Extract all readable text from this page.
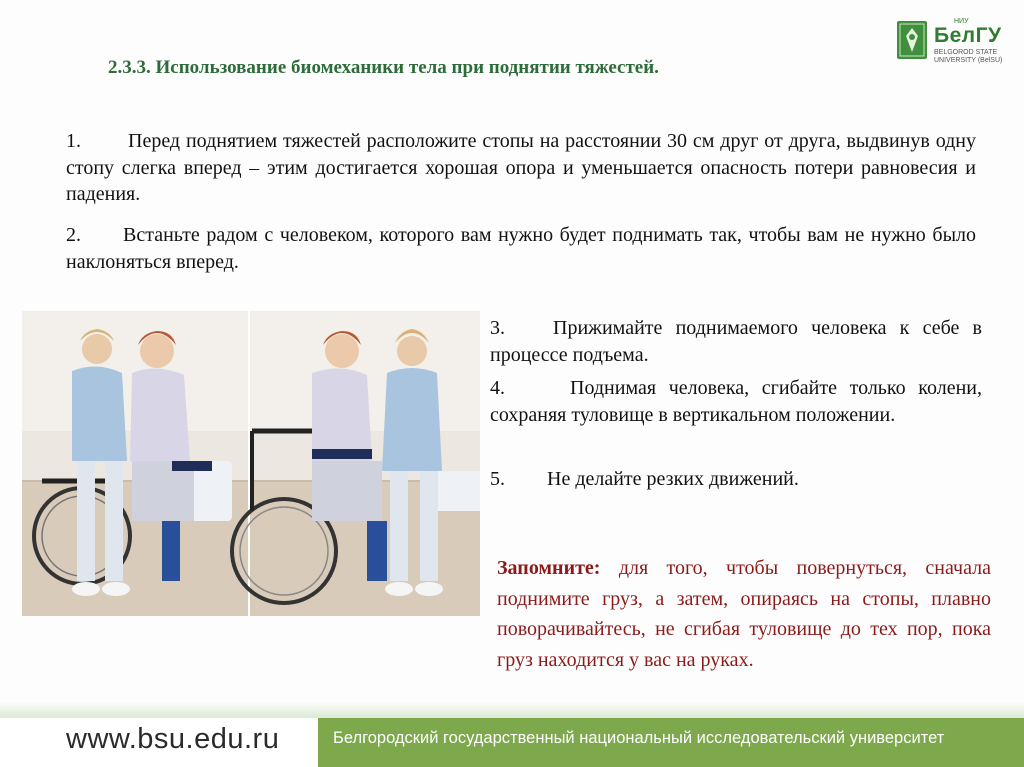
НИУ
БелГУ
BELGOROD STATE
UNIVERSITY (BelSU)
2.3.3. Использование биомеханики тела при поднятии тяжестей.
1. Перед поднятием тяжестей расположите стопы на расстоянии 30 см друг от друга, выдвинув одну стопу слегка вперед – этим достигается хорошая опора и уменьшается опасность потери равновесия и падения.
2. Встаньте радом с человеком, которого вам нужно будет поднимать так, чтобы вам не нужно было наклоняться вперед.
3. Прижимайте поднимаемого человека к себе в процессе подъема.
4.	Поднимая человека, сгибайте только колени, сохраняя туловище в вертикальном положении.
5. Не делайте резких движений.
Запомните: для того, чтобы повернуться, сначала поднимите груз, а затем, опираясь на стопы, плавно поворачивайтесь, не сгибая туловище до тех пор, пока груз находится у вас на руках.
www.bsu.edu.ru	Белгородский государственный национальный исследовательский университет
